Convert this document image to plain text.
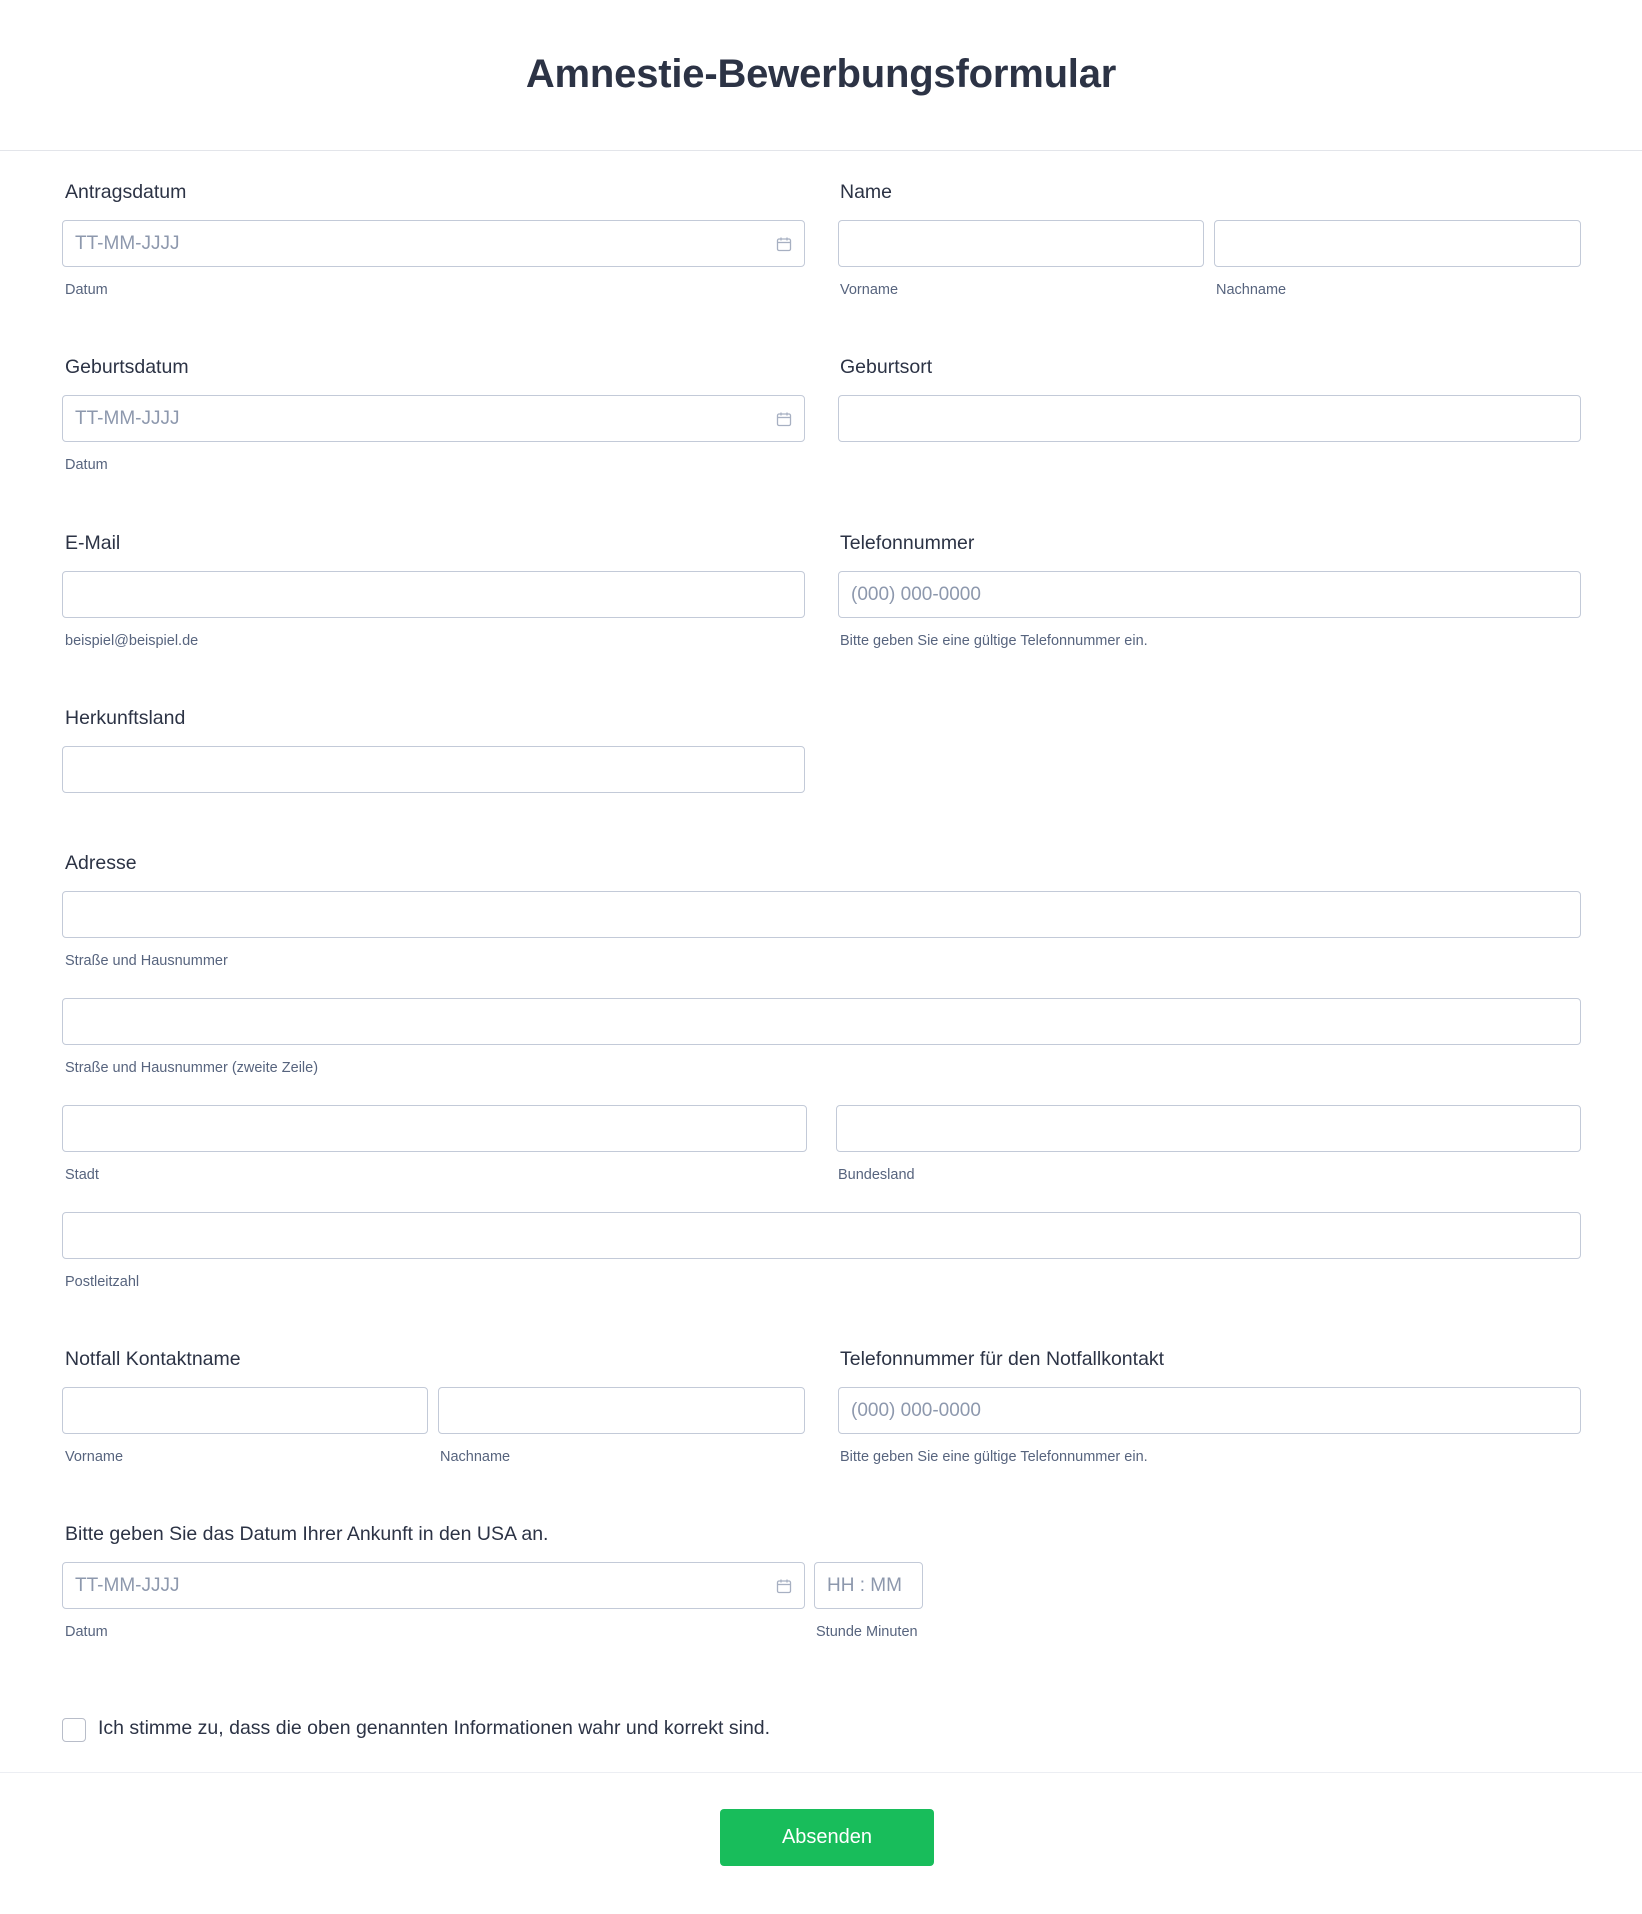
Amnestie-Bewerbungsformular
Antragsdatum
TT-MM-JJJJ
Datum
Name
Vorname	Nachname
Geburtsdatum
TT-MM-JJJJ
Datum
Geburtsort
E-Mail
beispiel@beispiel.de
Telefonnummer
(000) 000-0000
Bitte geben Sie eine gültige Telefonnummer ein.
Herkunftsland
Adresse
Straße und Hausnummer
Straße und Hausnummer (zweite Zeile)
Stadt	Bundesland
Postleitzahl
Notfall Kontaktname
Vorname	Nachname
Telefonnummer für den Notfallkontakt
(000) 000-0000
Bitte geben Sie eine gültige Telefonnummer ein.
Bitte geben Sie das Datum Ihrer Ankunft in den USA an.
TT-MM-JJJJ	HH : MM
Datum	Stunde Minuten
Ich stimme zu, dass die oben genannten Informationen wahr und korrekt sind.
Absenden
